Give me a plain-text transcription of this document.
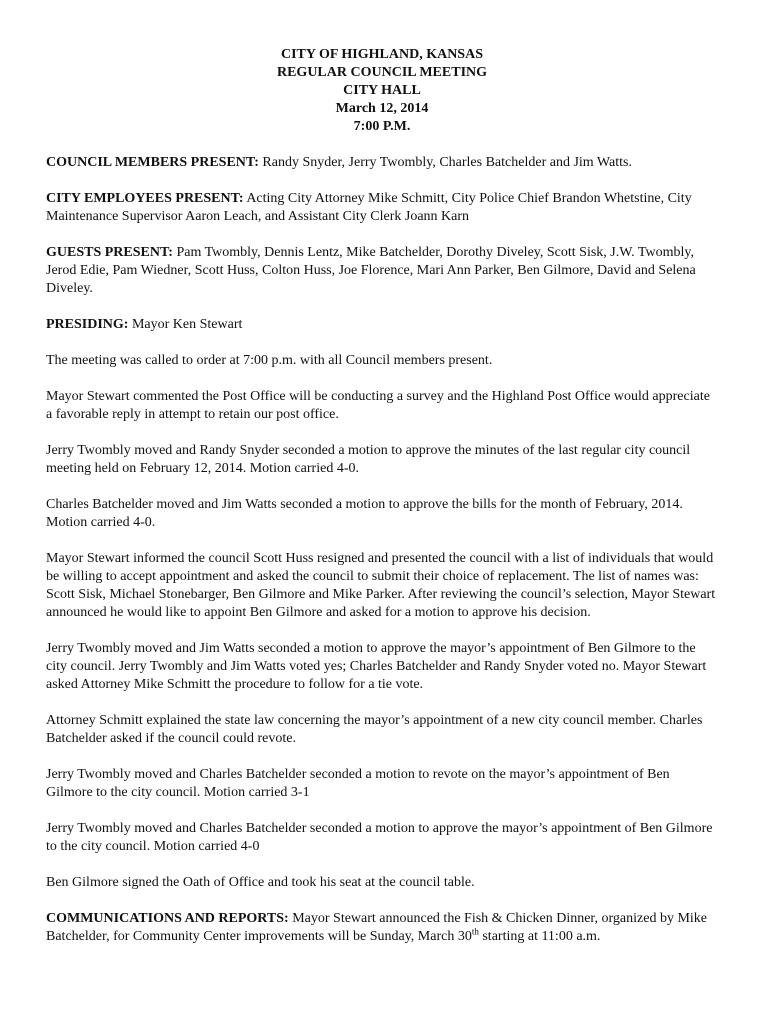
CITY OF HIGHLAND, KANSAS
REGULAR COUNCIL MEETING
CITY HALL
March 12, 2014
7:00 P.M.

COUNCIL MEMBERS PRESENT: Randy Snyder, Jerry Twombly, Charles Batchelder and Jim Watts.

CITY EMPLOYEES PRESENT: Acting City Attorney Mike Schmitt, City Police Chief Brandon Whetstine, City Maintenance Supervisor Aaron Leach, and Assistant City Clerk Joann Karn

GUESTS PRESENT: Pam Twombly, Dennis Lentz, Mike Batchelder, Dorothy Diveley, Scott Sisk, J.W. Twombly, Jerod Edie, Pam Wiedner, Scott Huss, Colton Huss, Joe Florence, Mari Ann Parker, Ben Gilmore, David and Selena Diveley.

PRESIDING: Mayor Ken Stewart

The meeting was called to order at 7:00 p.m. with all Council members present.

Mayor Stewart commented the Post Office will be conducting a survey and the Highland Post Office would appreciate a favorable reply in attempt to retain our post office.

Jerry Twombly moved and Randy Snyder seconded a motion to approve the minutes of the last regular city council meeting held on February 12, 2014. Motion carried 4-0.

Charles Batchelder moved and Jim Watts seconded a motion to approve the bills for the month of February, 2014. Motion carried 4-0.

Mayor Stewart informed the council Scott Huss resigned and presented the council with a list of individuals that would be willing to accept appointment and asked the council to submit their choice of replacement. The list of names was: Scott Sisk, Michael Stonebarger, Ben Gilmore and Mike Parker. After reviewing the council’s selection, Mayor Stewart announced he would like to appoint Ben Gilmore and asked for a motion to approve his decision.

Jerry Twombly moved and Jim Watts seconded a motion to approve the mayor’s appointment of Ben Gilmore to the city council. Jerry Twombly and Jim Watts voted yes; Charles Batchelder and Randy Snyder voted no. Mayor Stewart asked Attorney Mike Schmitt the procedure to follow for a tie vote.

Attorney Schmitt explained the state law concerning the mayor’s appointment of a new city council member. Charles Batchelder asked if the council could revote.

Jerry Twombly moved and Charles Batchelder seconded a motion to revote on the mayor’s appointment of Ben Gilmore to the city council. Motion carried 3-1

Jerry Twombly moved and Charles Batchelder seconded a motion to approve the mayor’s appointment of Ben Gilmore to the city council. Motion carried 4-0

Ben Gilmore signed the Oath of Office and took his seat at the council table.

COMMUNICATIONS AND REPORTS: Mayor Stewart announced the Fish & Chicken Dinner, organized by Mike Batchelder, for Community Center improvements will be Sunday, March 30th starting at 11:00 a.m.
